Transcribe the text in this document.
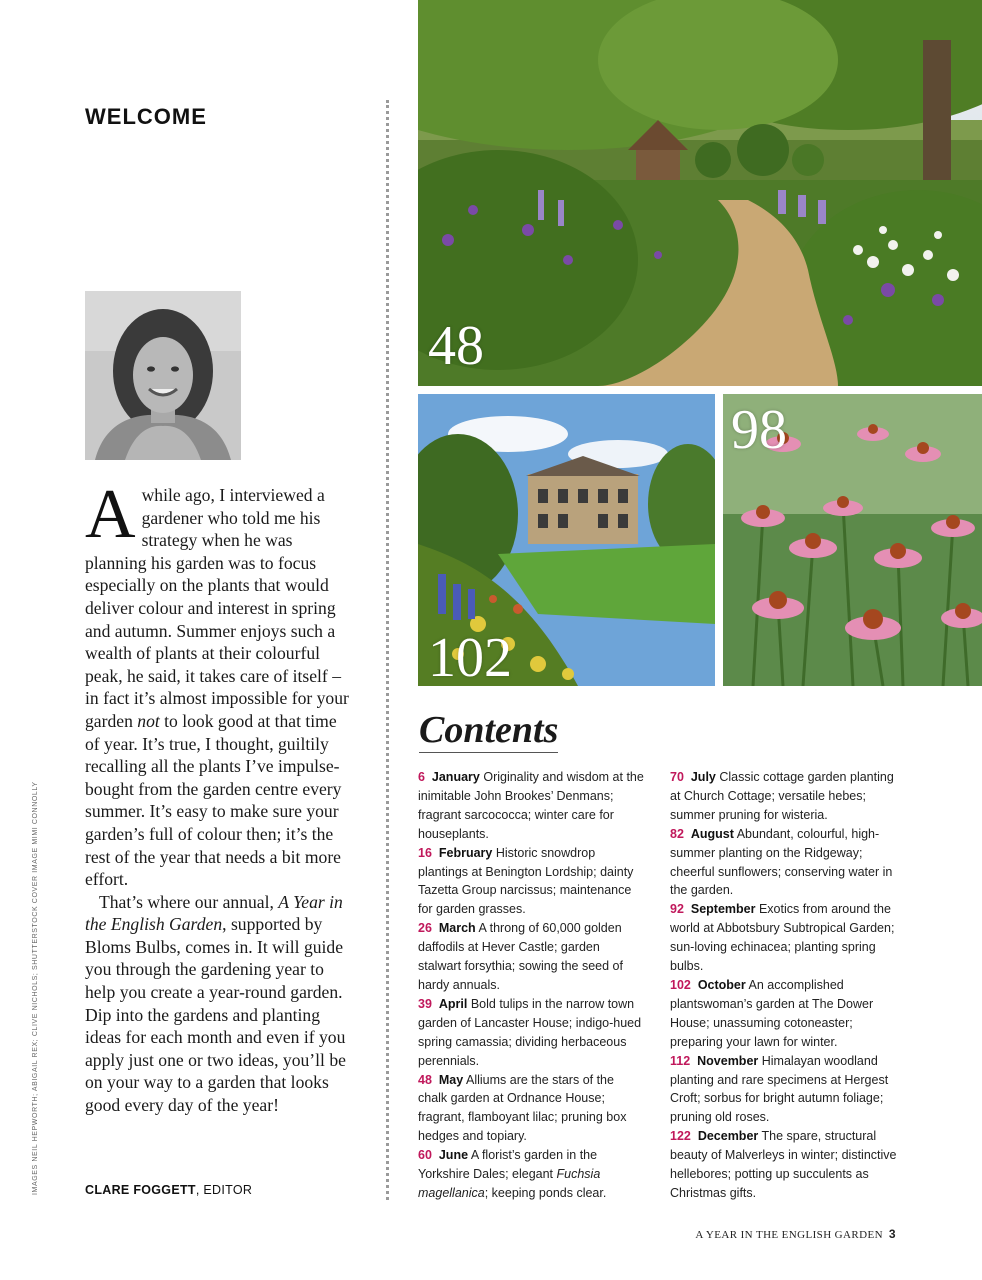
WELCOME
IMAGES NEIL HEPWORTH; ABIGAIL REX; CLIVE NICHOLS; SHUTTERSTOCK COVER IMAGE MIMI CONNOLLY

A while ago, I interviewed a gardener who told me his strategy when he was planning his garden was to focus especially on the plants that would deliver colour and interest in spring and autumn. Summer enjoys such a wealth of plants at their colourful peak, he said, it takes care of itself – in fact it’s almost impossible for your garden not to look good at that time of year. It’s true, I thought, guiltily recalling all the plants I’ve impulse-bought from the garden centre every summer. It’s easy to make sure your garden’s full of colour then; it’s the rest of the year that needs a bit more effort.

That’s where our annual, A Year in the English Garden, supported by Bloms Bulbs, comes in. It will guide you through the gardening year to help you create a year-round garden. Dip into the gardens and planting ideas for each month and even if you apply just one or two ideas, you’ll be on your way to a garden that looks good every day of the year!

CLARE FOGGETT, EDITOR
48
102
98
Contents

6 January Originality and wisdom at the inimitable John Brookes’ Denmans; fragrant sarcococca; winter care for houseplants.

16 February Historic snowdrop plantings at Benington Lordship; dainty Tazetta Group narcissus; maintenance for garden grasses.

26 March A throng of 60,000 golden daffodils at Hever Castle; garden stalwart forsythia; sowing the seed of hardy annuals.

39 April Bold tulips in the narrow town garden of Lancaster House; indigo-hued spring camassia; dividing herbaceous perennials.

48 May Alliums are the stars of the chalk garden at Ordnance House; fragrant, flamboyant lilac; pruning box hedges and topiary.

60 June A florist’s garden in the Yorkshire Dales; elegant Fuchsia magellanica; keeping ponds clear.

70 July Classic cottage garden planting at Church Cottage; versatile hebes; summer pruning for wisteria.

82 August Abundant, colourful, high-summer planting on the Ridgeway; cheerful sunflowers; conserving water in the garden.

92 September Exotics from around the world at Abbotsbury Subtropical Garden; sun-loving echinacea; planting spring bulbs.

102 October An accomplished plantswoman’s garden at The Dower House; unassuming cotoneaster; preparing your lawn for winter.

112 November Himalayan woodland planting and rare specimens at Hergest Croft; sorbus for bright autumn foliage; pruning old roses.

122 December The spare, structural beauty of Malverleys in winter; distinctive hellebores; potting up succulents as Christmas gifts.

A YEAR IN THE ENGLISH GARDEN 3
